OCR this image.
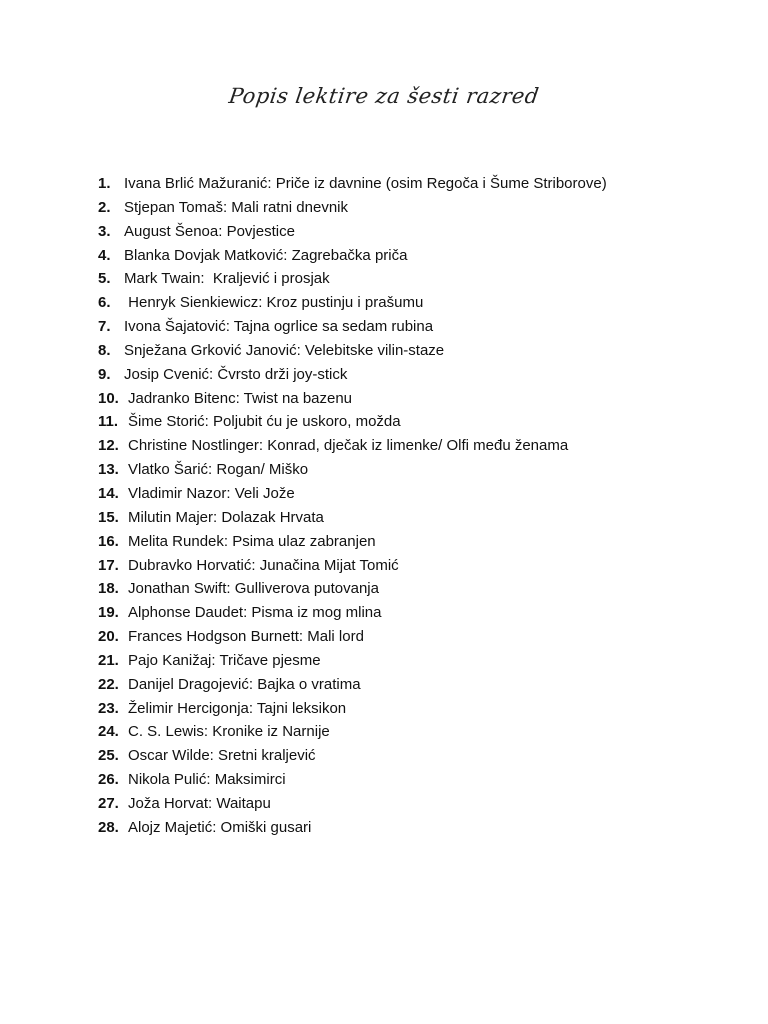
Popis lektire za šesti razred
1. Ivana Brlić Mažuranić: Priče iz davnine (osim Regoča i Šume Striborove)
2. Stjepan Tomaš: Mali ratni dnevnik
3. August Šenoa: Povjestice
4. Blanka Dovjak Matković: Zagrebačka priča
5. Mark Twain:  Kraljević i prosjak
6. Henryk Sienkiewicz: Kroz pustinju i prašumu
7. Ivona Šajatović: Tajna ogrlice sa sedam rubina
8. Snježana Grković Janović: Velebitske vilin-staze
9. Josip Cvenić: Čvrsto drži joy-stick
10. Jadranko Bitenc: Twist na bazenu
11. Šime Storić: Poljubit ću je uskoro, možda
12. Christine Nostlinger: Konrad, dječak iz limenke/ Olfi među ženama
13. Vlatko Šarić: Rogan/ Miško
14. Vladimir Nazor: Veli Jože
15. Milutin Majer: Dolazak Hrvata
16. Melita Rundek: Psima ulaz zabranjen
17. Dubravko Horvatić: Junačina Mijat Tomić
18. Jonathan Swift: Gulliverova putovanja
19. Alphonse Daudet: Pisma iz mog mlina
20. Frances Hodgson Burnett: Mali lord
21. Pajo Kanižaj: Tričave pjesme
22. Danijel Dragojević: Bajka o vratima
23. Želimir Hercigonja: Tajni leksikon
24. C. S. Lewis: Kronike iz Narnije
25. Oscar Wilde: Sretni kraljević
26. Nikola Pulić: Maksimirci
27. Joža Horvat: Waitapu
28. Alojz Majetić: Omiški gusari
